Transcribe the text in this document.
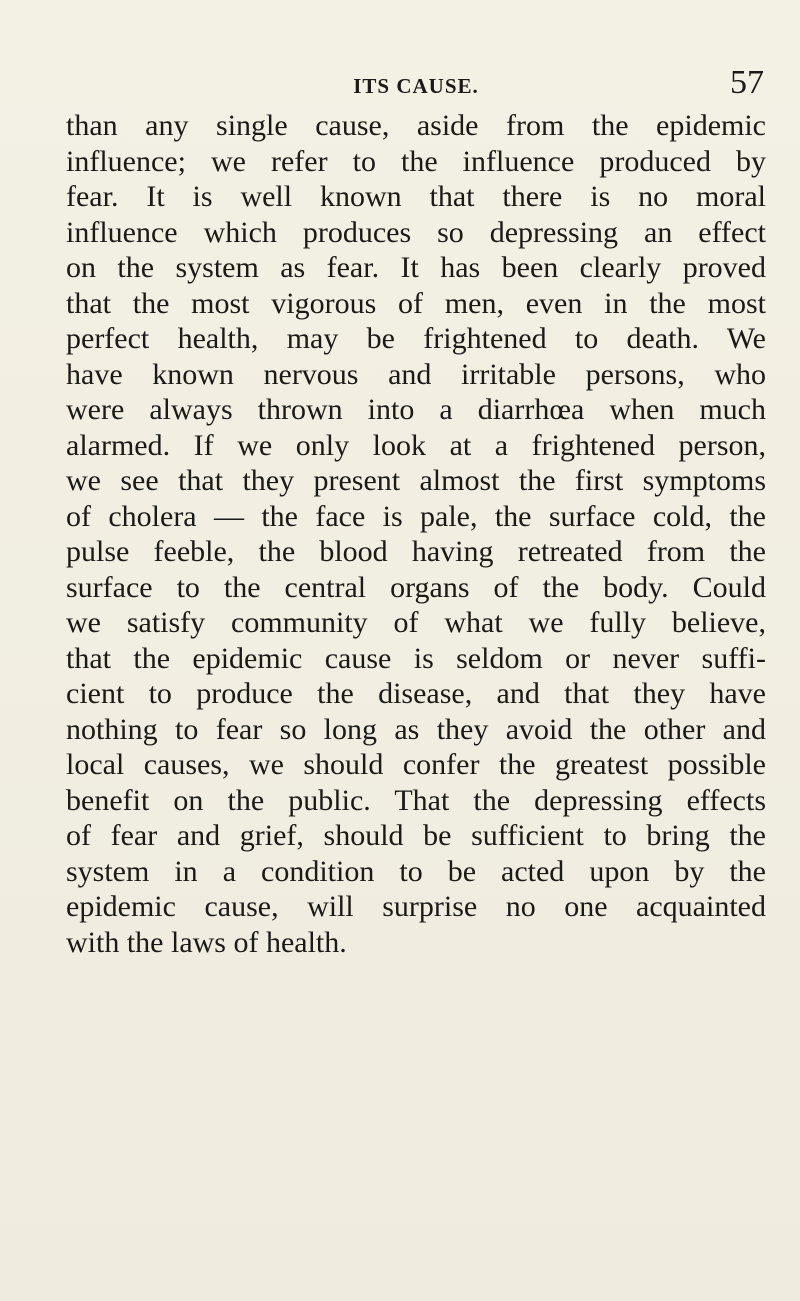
ITS CAUSE.	57
than any single cause, aside from the epidemic
influence; we refer to the influence produced by
fear. It is well known that there is no moral
influence which produces so depressing an effect
on the system as fear. It has been clearly proved
that the most vigorous of men, even in the most
perfect health, may be frightened to death. We
have known nervous and irritable persons, who
were always thrown into a diarrhœa when much
alarmed. If we only look at a frightened person,
we see that they present almost the first symptoms
of cholera — the face is pale, the surface cold, the
pulse feeble, the blood having retreated from the
surface to the central organs of the body. Could
we satisfy community of what we fully believe,
that the epidemic cause is seldom or never suffi-
cient to produce the disease, and that they have
nothing to fear so long as they avoid the other and
local causes, we should confer the greatest possible
benefit on the public. That the depressing effects
of fear and grief, should be sufficient to bring the
system in a condition to be acted upon by the
epidemic cause, will surprise no one acquainted
with the laws of health.
